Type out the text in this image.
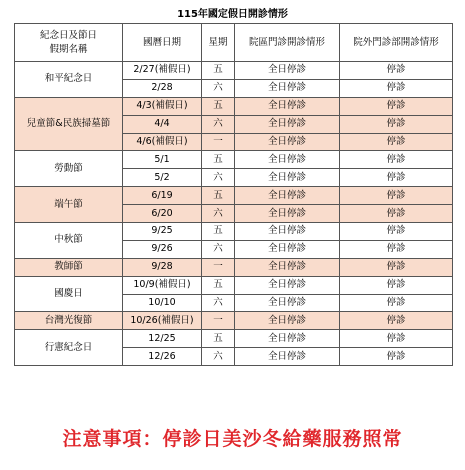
115年國定假日開診情形
紀念日及節日
假期名稱	國曆日期	星期	院區門診開診情形	院外門診部開診情形
和平紀念日	2/27(補假日)	五	全日停診	停診
	2/28	六	全日停診	停診
兒童節&民族掃墓節	4/3(補假日)	五	全日停診	停診
	4/4	六	全日停診	停診
	4/6(補假日)	一	全日停診	停診
勞動節	5/1	五	全日停診	停診
	5/2	六	全日停診	停診
端午節	6/19	五	全日停診	停診
	6/20	六	全日停診	停診
中秋節	9/25	五	全日停診	停診
	9/26	六	全日停診	停診
教師節	9/28	一	全日停診	停診
國慶日	10/9(補假日)	五	全日停診	停診
	10/10	六	全日停診	停診
台灣光復節	10/26(補假日)	一	全日停診	停診
行憲紀念日	12/25	五	全日停診	停診
	12/26	六	全日停診	停診
注意事項：停診日美沙冬給藥服務照常
